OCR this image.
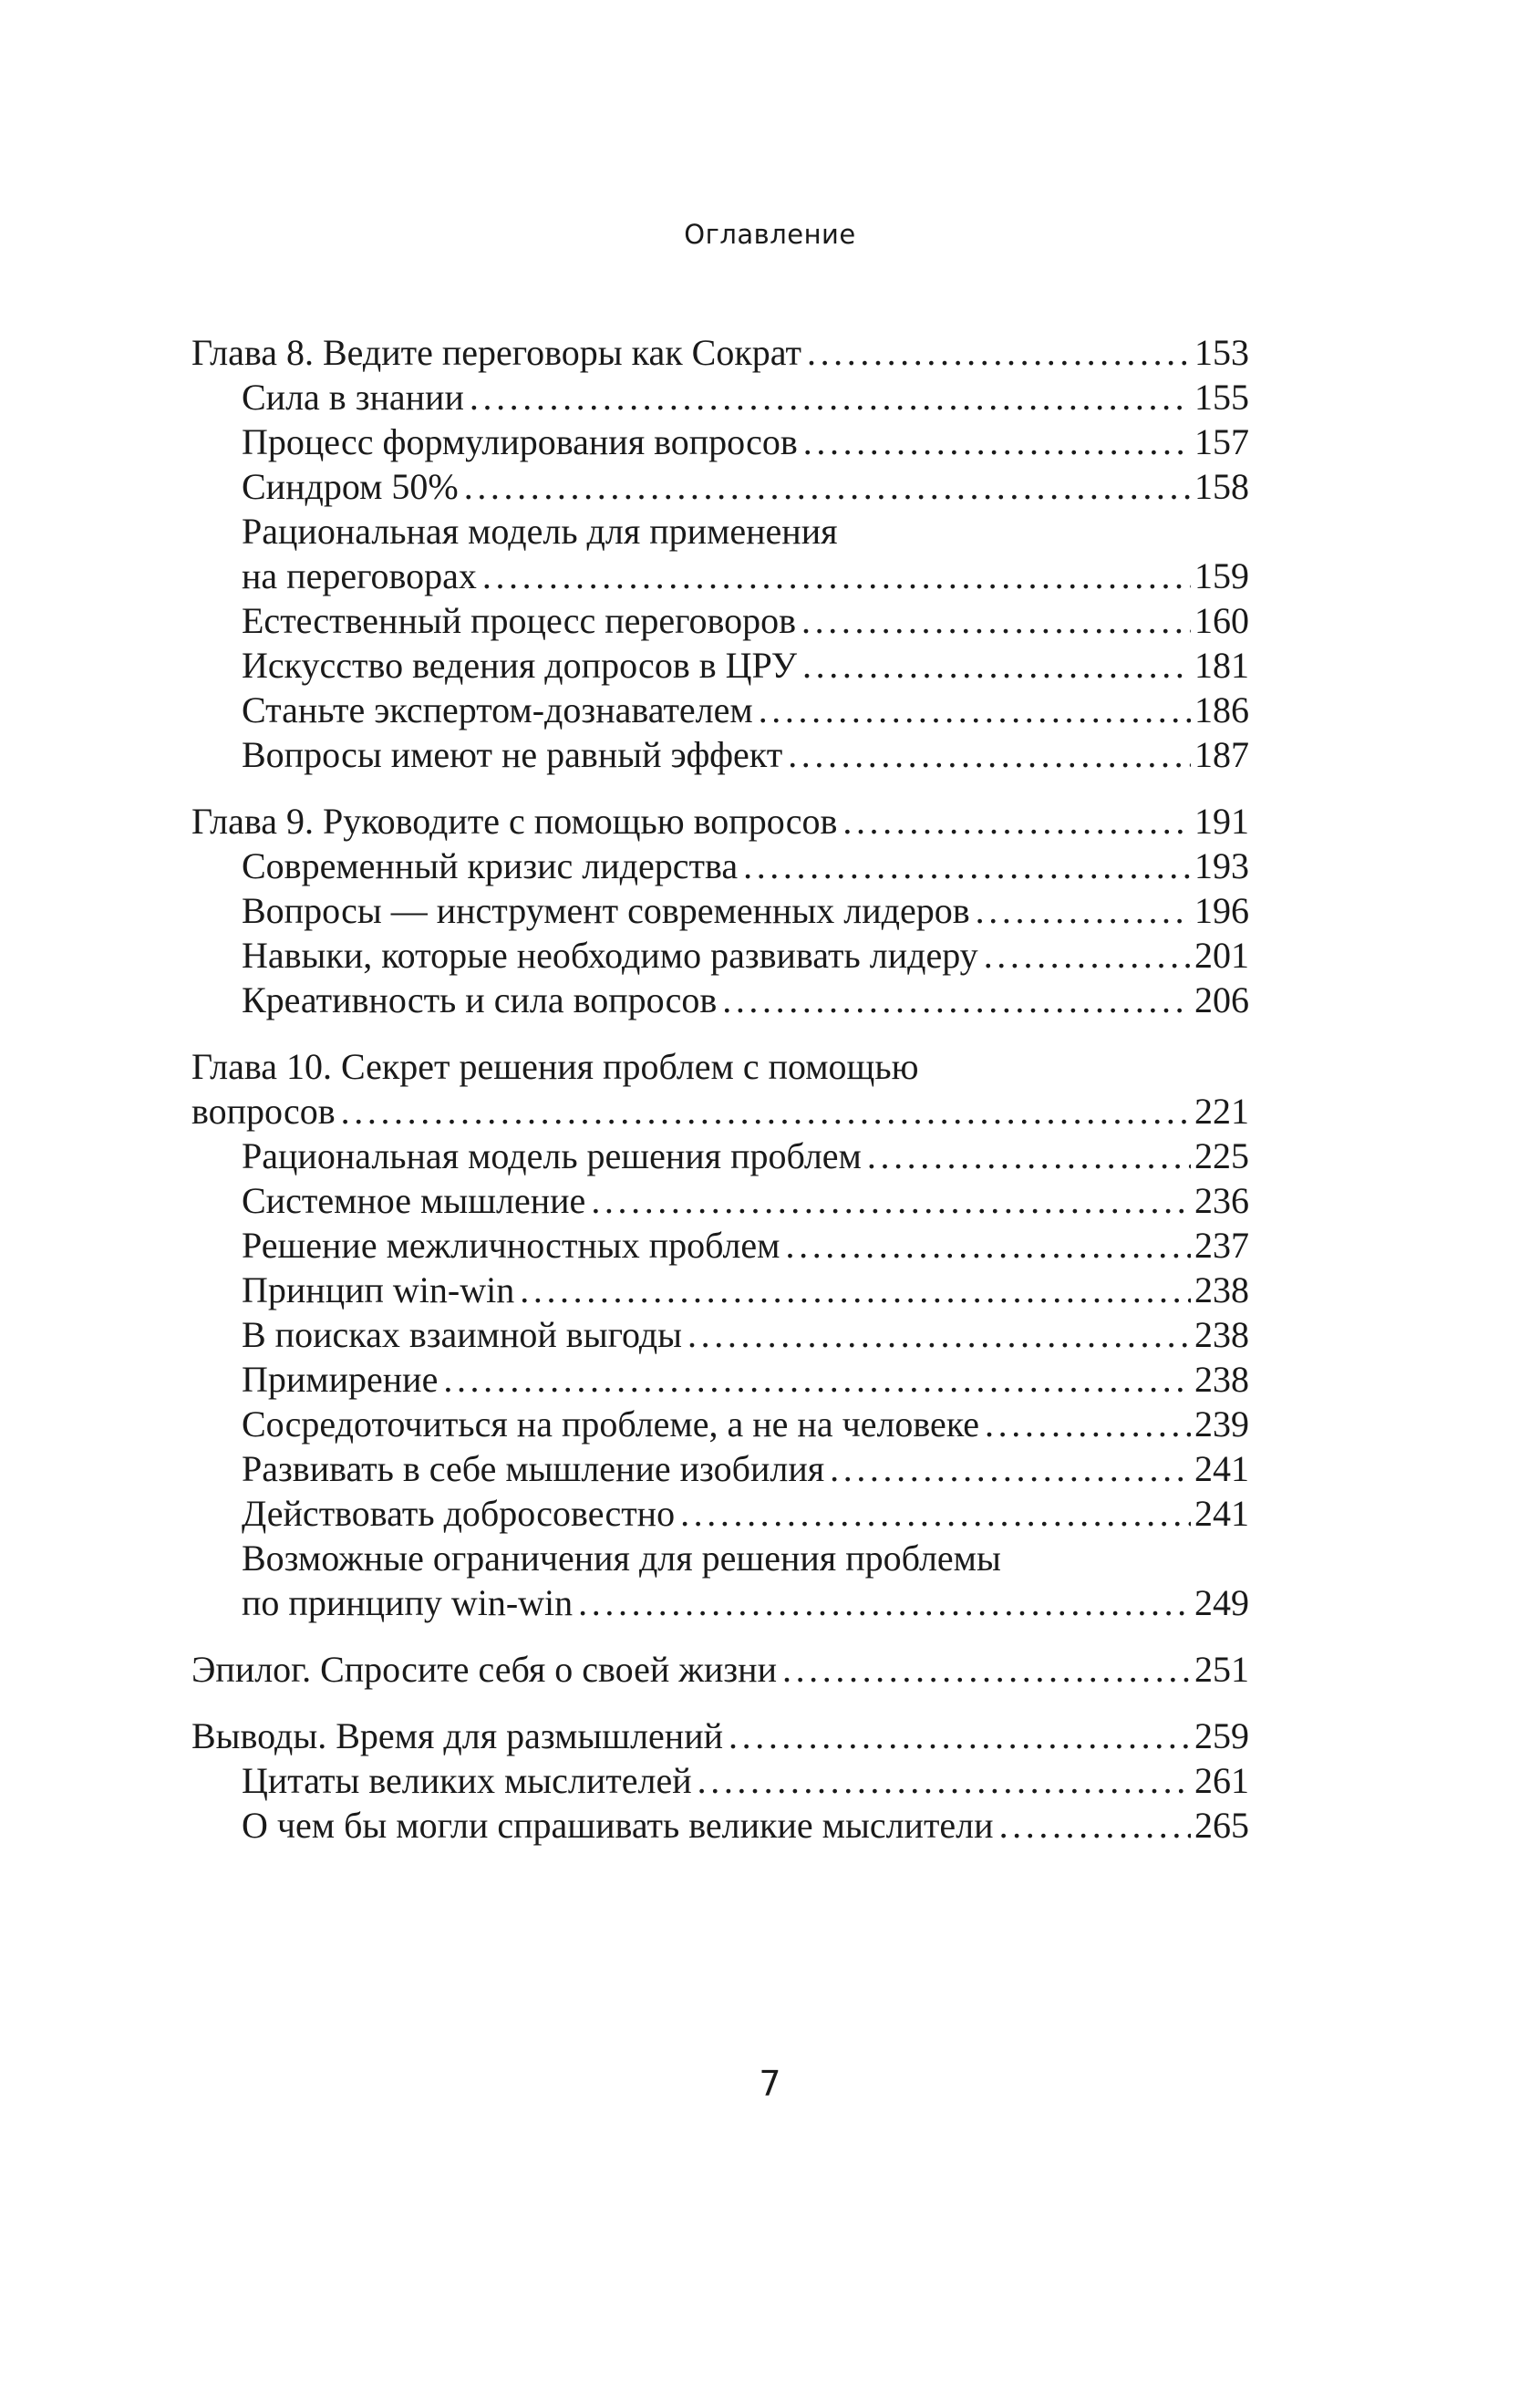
Оглавление
Глава 8. Ведите переговоры как Сократ .....	153
Сила в знании .....	155
Процесс формулирования вопросов .....	157
Синдром 50% .....	158
Рациональная модель для применения
на переговорах .....	159
Естественный процесс переговоров .....	160
Искусство ведения допросов в ЦРУ .....	181
Станьте экспертом-дознавателем .....	186
Вопросы имеют не равный эффект .....	187
Глава 9. Руководите с помощью вопросов .....	191
Современный кризис лидерства .....	193
Вопросы — инструмент современных лидеров .....	196
Навыки, которые необходимо развивать лидеру .....	201
Креативность и сила вопросов .....	206
Глава 10. Секрет решения проблем с помощью
вопросов .....	221
Рациональная модель решения проблем .....	225
Системное мышление .....	236
Решение межличностных проблем .....	237
Принцип win-win .....	238
В поисках взаимной выгоды .....	238
Примирение .....	238
Сосредоточиться на проблеме, а не на человеке .....	239
Развивать в себе мышление изобилия .....	241
Действовать добросовестно .....	241
Возможные ограничения для решения проблемы
по принципу win-win .....	249
Эпилог. Спросите себя о своей жизни .....	251
Выводы. Время для размышлений .....	259
Цитаты великих мыслителей .....	261
О чем бы могли спрашивать великие мыслители .....	265
7
